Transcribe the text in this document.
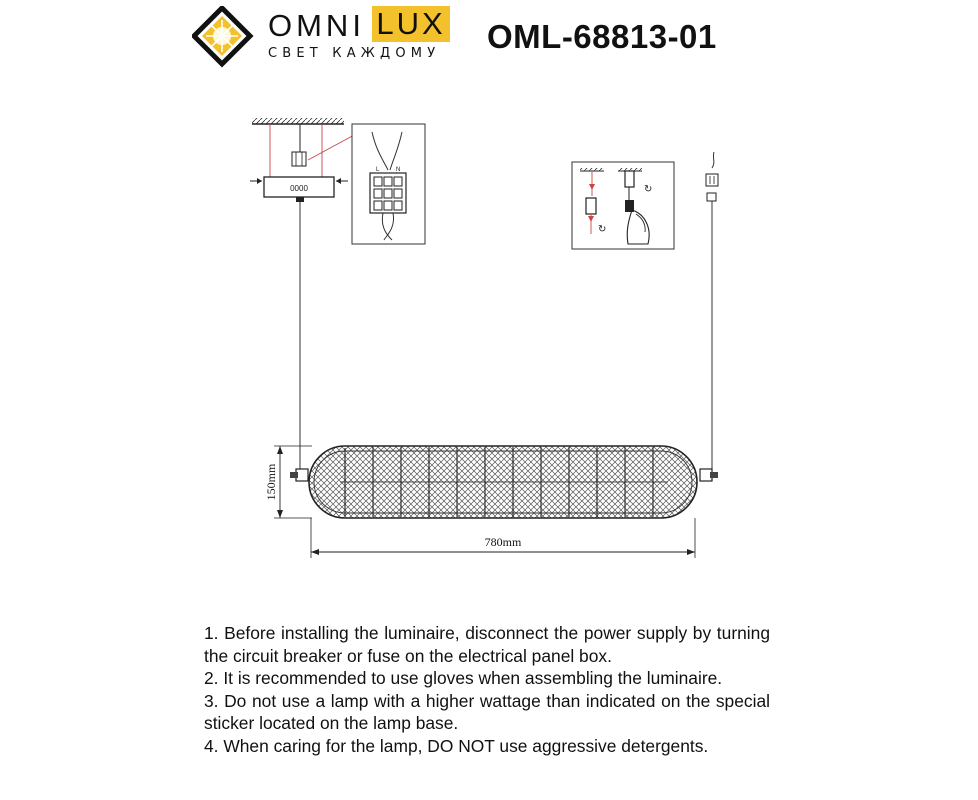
OMNI LUX
СВЕТ КАЖДОМУ OML-68813-01
0000
L	N
↻
↻
150mm
780mm

1. Before installing the luminaire, disconnect the power supply by turning the circuit breaker or fuse on the electrical panel box.

2. It is recommended to use gloves when assembling the luminaire.

3. Do not use a lamp with a higher wattage than indicated on the special sticker located on the lamp base.

4. When caring for the lamp, DO NOT use aggressive detergents.
